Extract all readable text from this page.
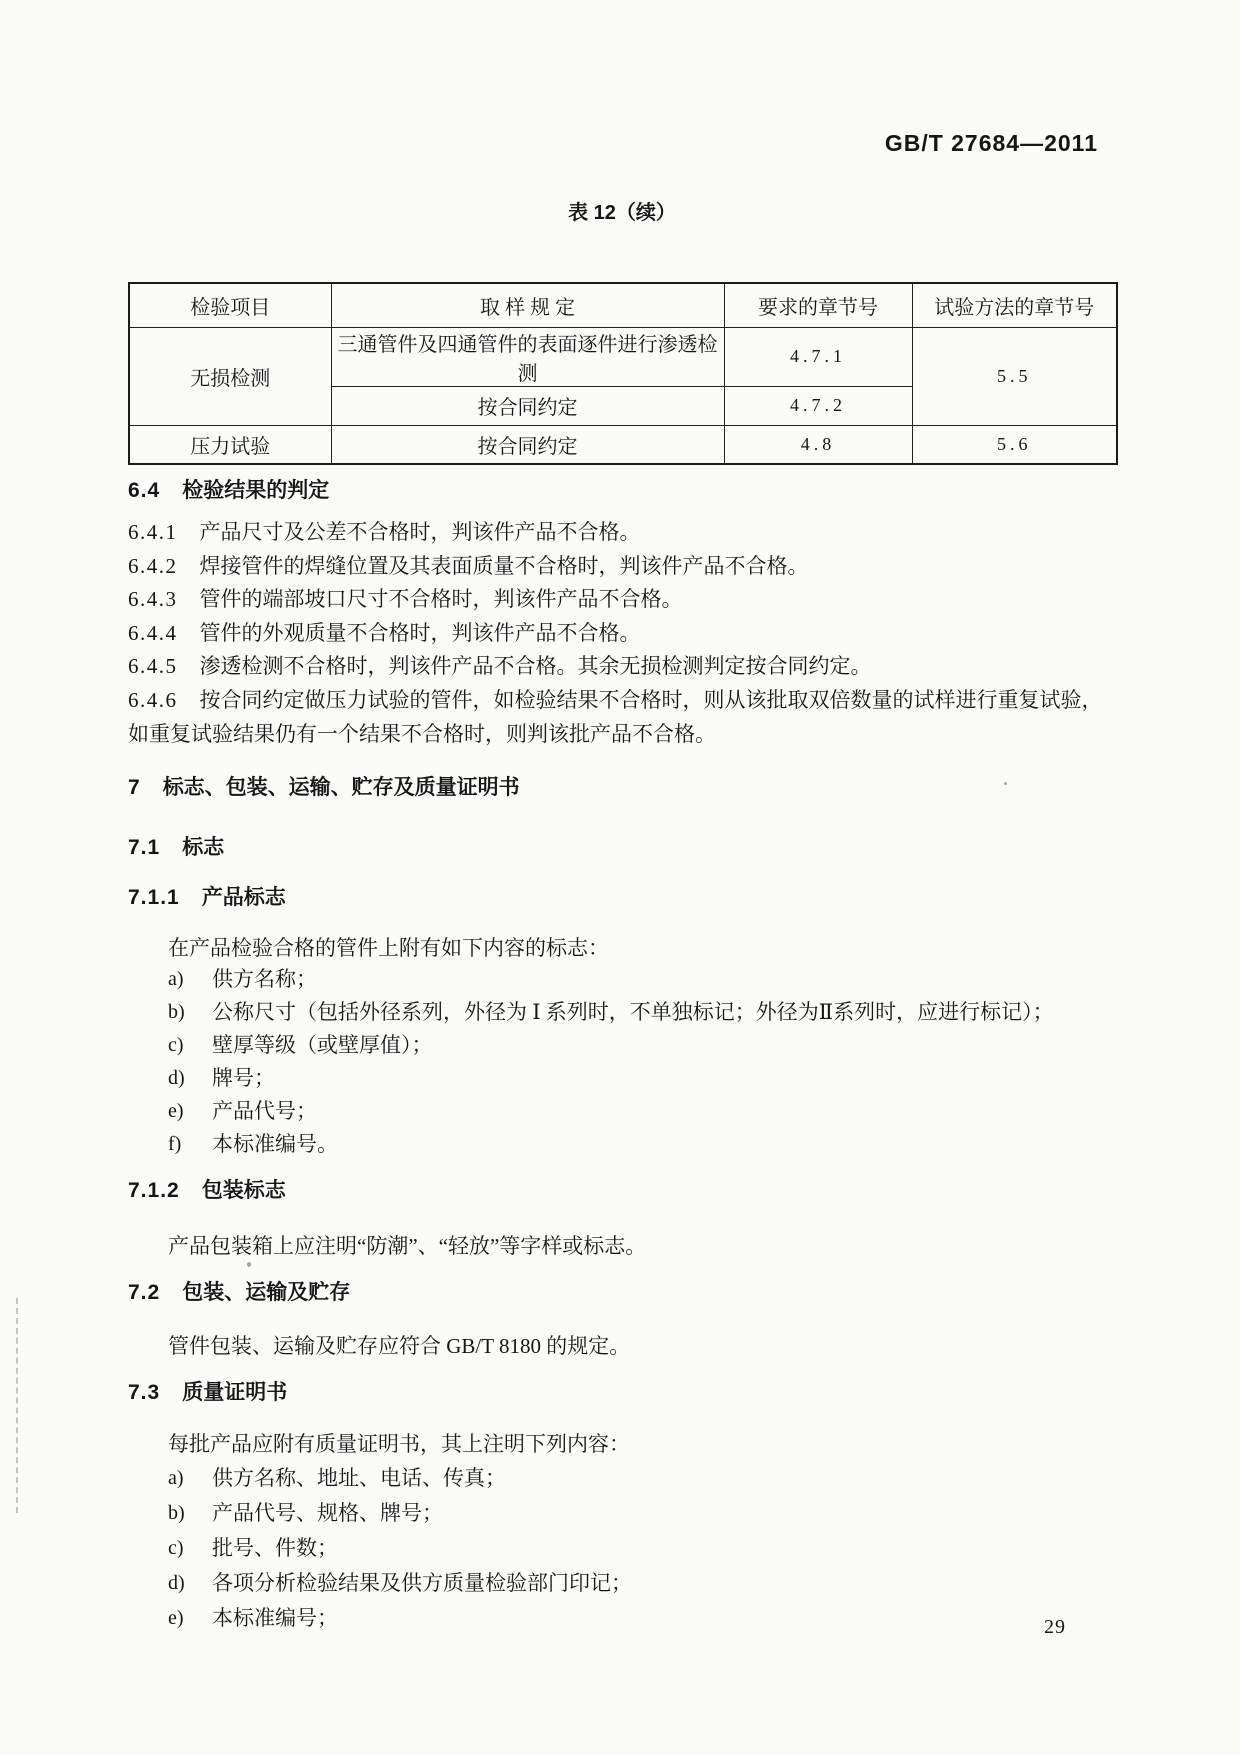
GB/T 27684—2011
表 12（续）
检验项目	取 样 规 定	要求的章节号	试验方法的章节号
无损检测	三通管件及四通管件的表面逐件进行渗透检测	4.7.1	5.5
	按合同约定	4.7.2	
压力试验	按合同约定	4.8	5.6
6.4 检验结果的判定

6.4.1 产品尺寸及公差不合格时，判该件产品不合格。

6.4.2 焊接管件的焊缝位置及其表面质量不合格时，判该件产品不合格。

6.4.3 管件的端部坡口尺寸不合格时，判该件产品不合格。

6.4.4 管件的外观质量不合格时，判该件产品不合格。

6.4.5 渗透检测不合格时，判该件产品不合格。其余无损检测判定按合同约定。

6.4.6 按合同约定做压力试验的管件，如检验结果不合格时，则从该批取双倍数量的试样进行重复试验，如重复试验结果仍有一个结果不合格时，则判该批产品不合格。

7 标志、包装、运输、贮存及质量证明书
7.1 标志
7.1.1 产品标志

在产品检验合格的管件上附有如下内容的标志：

a)	供方名称；
b)	公称尺寸（包括外径系列，外径为 Ⅰ 系列时，不单独标记；外径为Ⅱ系列时，应进行标记）；
c)	壁厚等级（或壁厚值）；
d)	牌号；
e)	产品代号；
f)	本标准编号。
7.1.2 包装标志

产品包装箱上应注明“防潮”、“轻放”等字样或标志。

7.2 包装、运输及贮存

管件包装、运输及贮存应符合 GB/T 8180 的规定。

7.3 质量证明书

每批产品应附有质量证明书，其上注明下列内容：

a)	供方名称、地址、电话、传真；
b)	产品代号、规格、牌号；
c)	批号、件数；
d)	各项分析检验结果及供方质量检验部门印记；
e)	本标准编号；	29
